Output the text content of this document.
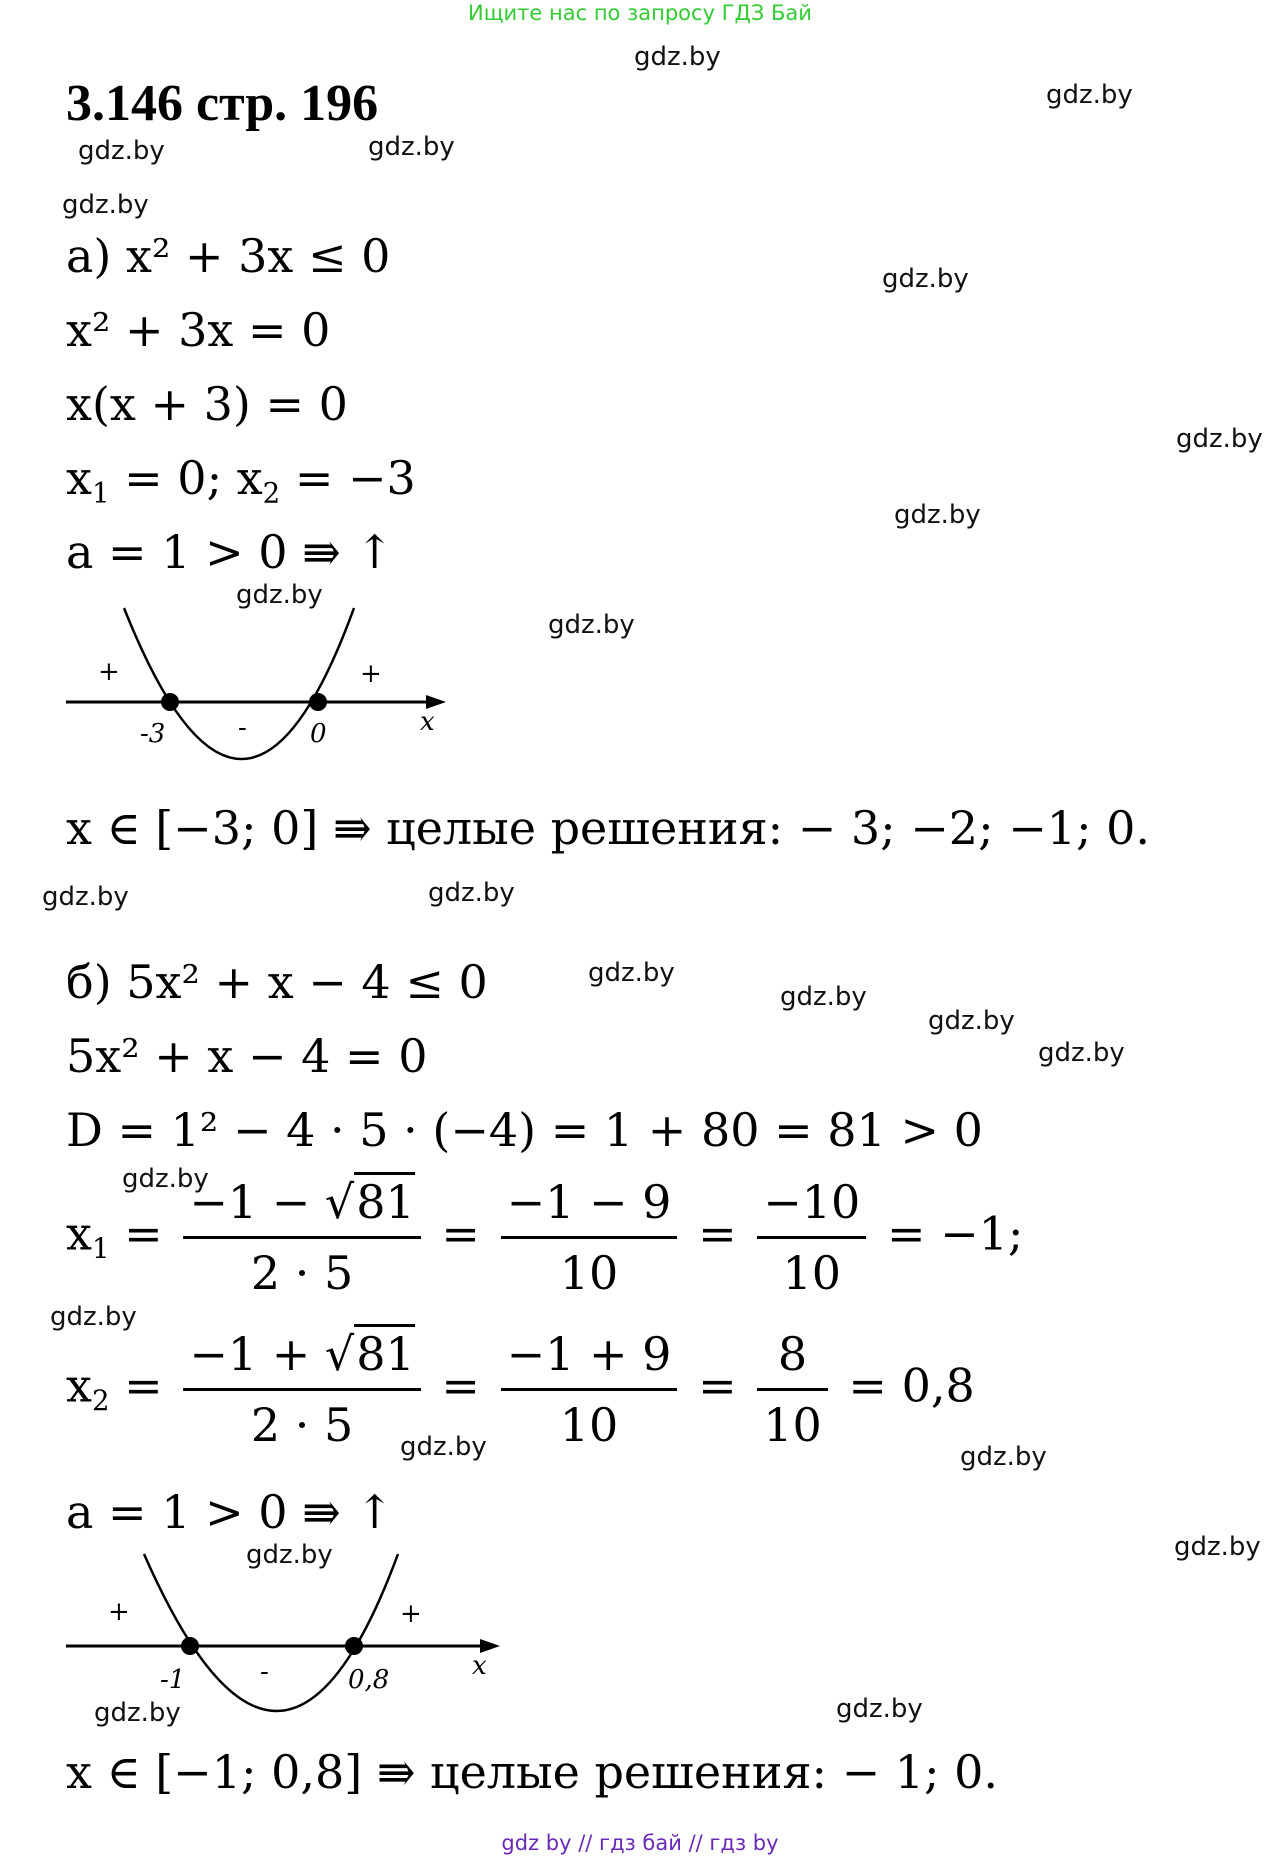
Ищите нас по запросу ГДЗ Бай
3.146 стр. 196
gdz.by
gdz.by
gdz.by	gdz.by
gdz.by
gdz.by
gdz.by
gdz.by
gdz.by
gdz.by
gdz.by	gdz.by
gdz.by
gdz.by
gdz.by
gdz.by
gdz.by
gdz.by
gdz.by	gdz.by
gdz.by
gdz.by
gdz.by
gdz.by
а) x² + 3x ≤ 0
x² + 3x = 0
x(x + 3) = 0
$x_1 = 0$; $x_2 = -3$
a = 1 > 0 ⇛ ↑
+	+
-
-3	0	x
x ∈ [−3; 0] ⇛ целые решения: − 3; −2; −1; 0.
б) 5x² + x − 4 ≤ 0
5x² + x − 4 = 0
D = 1² − 4 · 5 · (−4) = 1 + 80 = 81 > 0
$x_1 = \frac{-1 - √81}{2 \cdot 5} = \frac{-1 - 9}{10} = \frac{-10}{10} = -1$;
$x_2 = \frac{-1 + √81}{2 \cdot 5} = \frac{-1 + 9}{10} = \frac{8}{10} = 0,8$
a = 1 > 0 ⇛ ↑
+	+
-
-1	0,8	x
x ∈ [−1; 0,8] ⇛ целые решения: − 1; 0.
gdz by // гдз бай // гдз by
